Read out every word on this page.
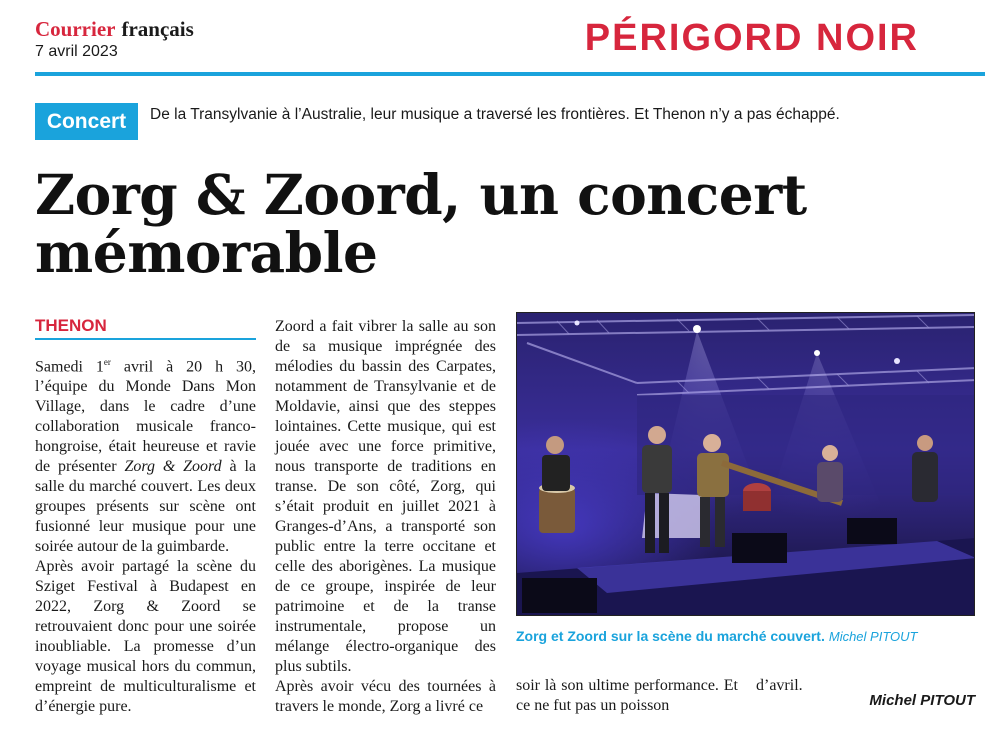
Courrier français
7 avril 2023	PÉRIGORD NOIR
Concert	De la Transylvanie à l’Australie, leur musique a traversé les frontières. Et Thenon n’y a pas échappé.
Zorg & Zoord, un concert
mémorable
THENON

Samedi 1er avril à 20 h 30, l’équipe du Monde Dans Mon Village, dans le cadre d’une collaboration musicale franco-hongroise, était heureuse et ravie de présenter Zorg & Zoord à la salle du marché couvert. Les deux groupes présents sur scène ont fusionné leur musique pour une soirée autour de la guimbarde.

Après avoir partagé la scène du Sziget Festival à Budapest en 2022, Zorg & Zoord se retrouvaient donc pour une soirée inoubliable. La promesse d’un voyage musical hors du commun, empreint de multiculturalisme et d’énergie pure.

Zoord a fait vibrer la salle au son de sa musique imprégnée des mélodies du bassin des Carpates, notamment de Transylvanie et de Moldavie, ainsi que des steppes lointaines. Cette musique, qui est jouée avec une force primitive, nous transporte de traditions en transe. De son côté, Zorg, qui s’était produit en juillet 2021 à Granges-d’Ans, a transporté son public entre la terre occitane et celle des aborigènes. La musique de ce groupe, inspirée de leur patrimoine et de la transe instrumentale, propose un mélange électro-organique des plus subtils.

Après avoir vécu des tournées à travers le monde, Zorg a livré ce

Zorg et Zoord sur la scène du marché couvert. Michel PITOUT
soir là son ultime performance. Et ce ne fut pas un poisson
d’avril.
Michel PITOUT
